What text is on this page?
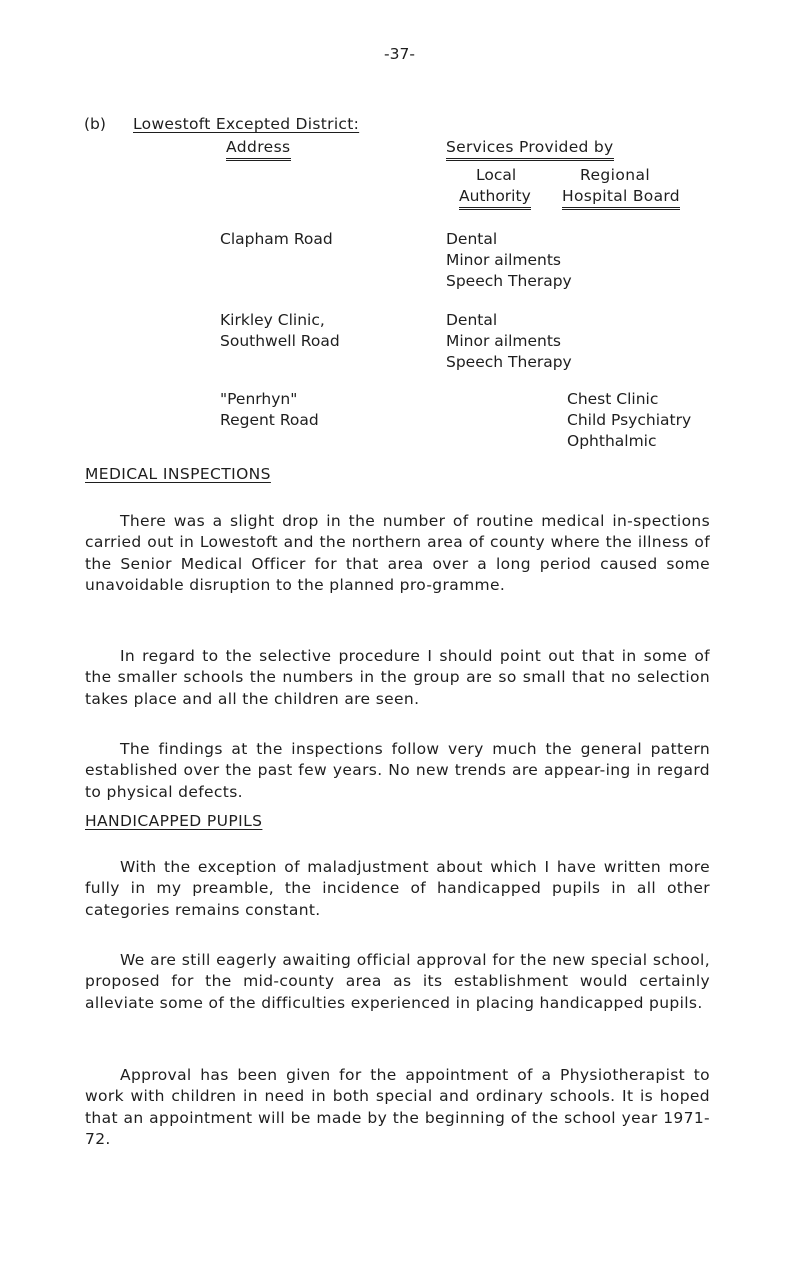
-37-
(b) Lowestoft Excepted District:
Address	Services Provided by
Local
Authority
Regional
Hospital Board
Clapham Road	Dental
Minor ailments
Speech Therapy
Kirkley Clinic,
Southwell Road
Dental
Minor ailments
Speech Therapy
"Penrhyn"
Regent Road
Chest Clinic
Child Psychiatry
Ophthalmic
MEDICAL INSPECTIONS
There was a slight drop in the number of routine medical in-spections carried out in Lowestoft and the northern area of county where the illness of the Senior Medical Officer for that area over a long period caused some unavoidable disruption to the planned pro-gramme.
In regard to the selective procedure I should point out that in some of the smaller schools the numbers in the group are so small that no selection takes place and all the children are seen.
The findings at the inspections follow very much the general pattern established over the past few years. No new trends are appear-ing in regard to physical defects.
HANDICAPPED PUPILS
With the exception of maladjustment about which I have written more fully in my preamble, the incidence of handicapped pupils in all other categories remains constant.
We are still eagerly awaiting official approval for the new special school, proposed for the mid-county area as its establishment would certainly alleviate some of the difficulties experienced in placing handicapped pupils.
Approval has been given for the appointment of a Physiotherapist to work with children in need in both special and ordinary schools. It is hoped that an appointment will be made by the beginning of the school year 1971-72.
